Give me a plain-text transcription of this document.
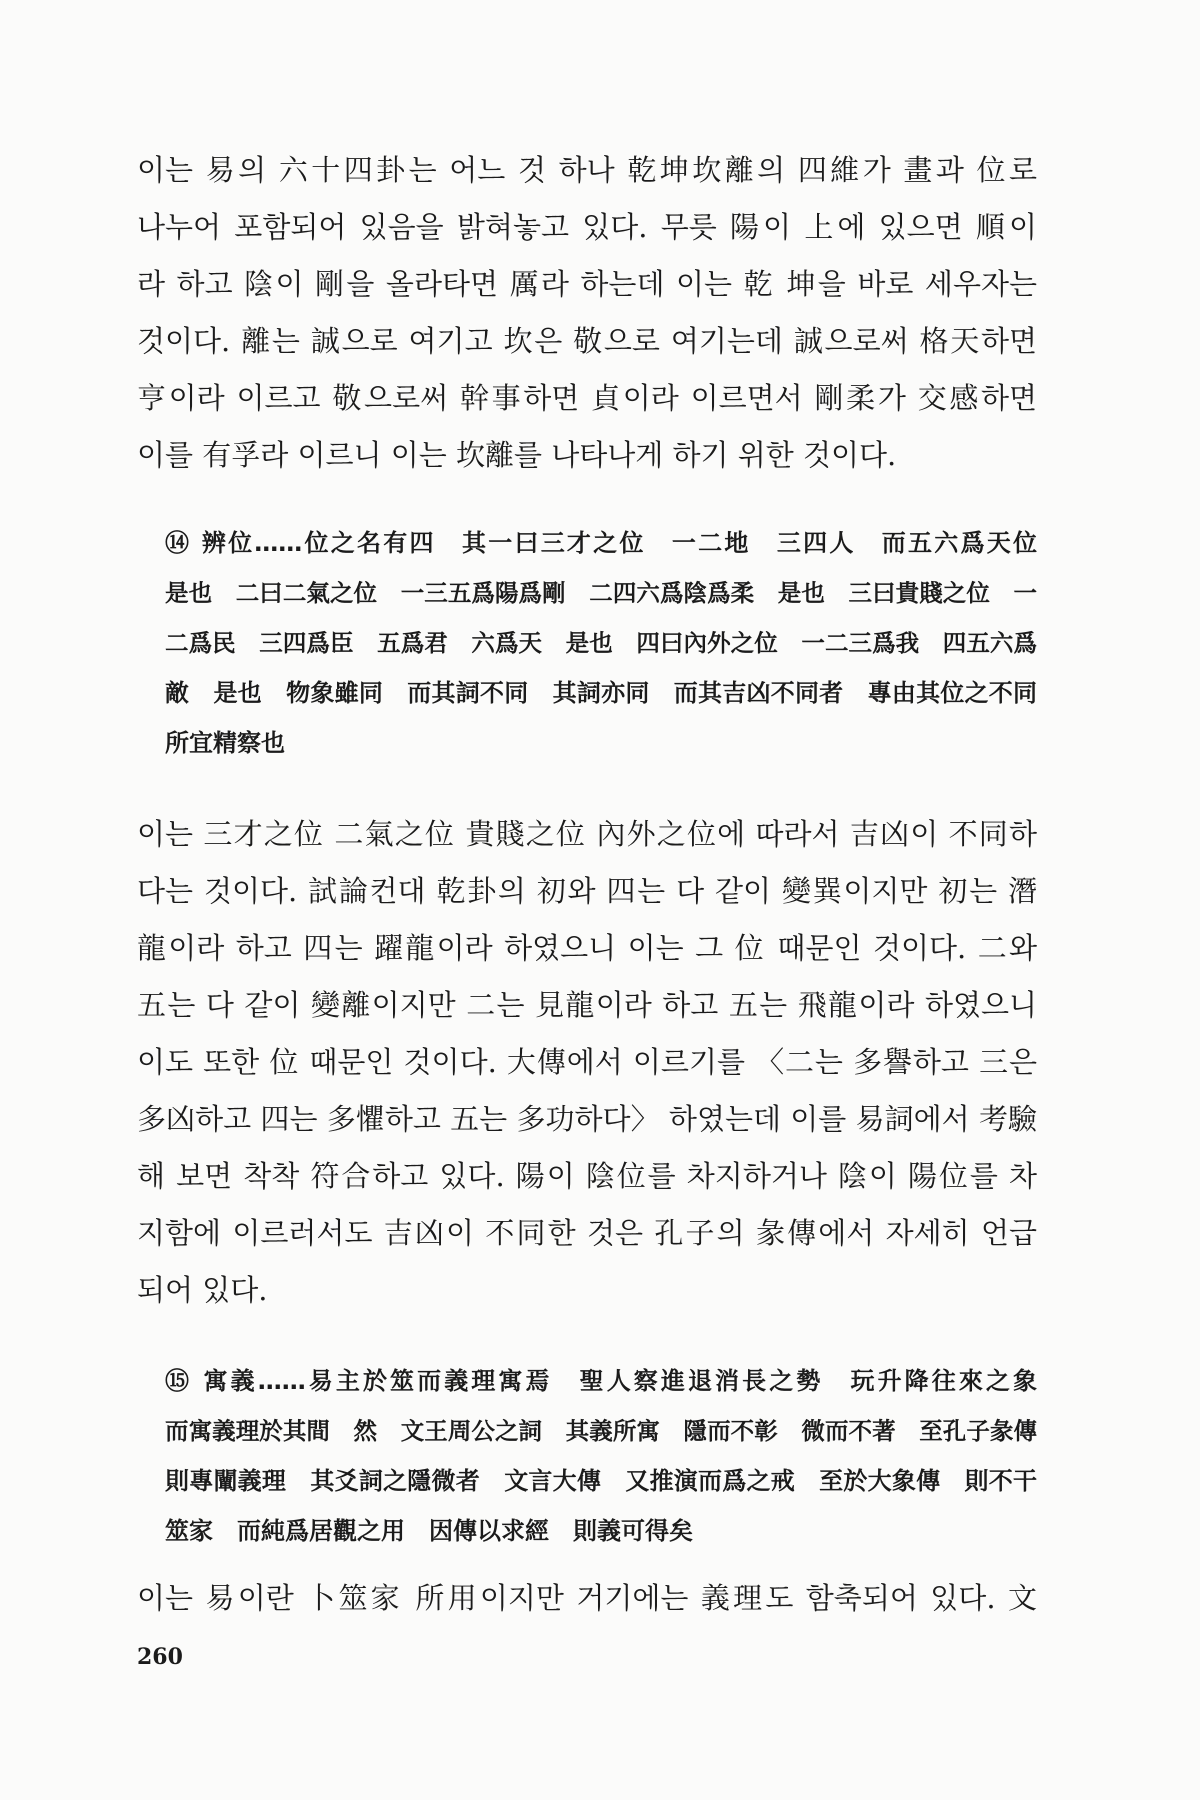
이는 易의 六十四卦는 어느 것 하나 乾坤坎離의 四維가 畫과 位로
나누어 포함되어 있음을 밝혀놓고 있다. 무릇 陽이 上에 있으면 順이
라 하고 陰이 剛을 올라타면 厲라 하는데 이는 乾 坤을 바로 세우자는
것이다. 離는 誠으로 여기고 坎은 敬으로 여기는데 誠으로써 格天하면
亨이라 이르고 敬으로써 幹事하면 貞이라 이르면서 剛柔가 交感하면
이를 有孚라 이르니 이는 坎離를 나타나게 하기 위한 것이다.
⑭ 辨位……位之名有四　其一曰三才之位　一二地　三四人　而五六爲天位
是也　二曰二氣之位　一三五爲陽爲剛　二四六爲陰爲柔　是也　三曰貴賤之位　一
二爲民　三四爲臣　五爲君　六爲天　是也　四曰內外之位　一二三爲我　四五六爲
敵　是也　物象雖同　而其詞不同　其詞亦同　而其吉凶不同者　專由其位之不同
所宜精察也
이는 三才之位 二氣之位 貴賤之位 內外之位에 따라서 吉凶이 不同하
다는 것이다. 試論컨대 乾卦의 初와 四는 다 같이 變巽이지만 初는 潛
龍이라 하고 四는 躍龍이라 하였으니 이는 그 位 때문인 것이다. 二와
五는 다 같이 變離이지만 二는 見龍이라 하고 五는 飛龍이라 하였으니
이도 또한 位 때문인 것이다. 大傳에서 이르기를 〈二는 多譽하고 三은
多凶하고 四는 多懼하고 五는 多功하다〉 하였는데 이를 易詞에서 考驗
해 보면 착착 符合하고 있다. 陽이 陰位를 차지하거나 陰이 陽位를 차
지함에 이르러서도 吉凶이 不同한 것은 孔子의 彖傳에서 자세히 언급
되어 있다.
⑮ 寓義……易主於筮而義理寓焉　聖人察進退消長之勢　玩升降往來之象
而寓義理於其間　然　文王周公之詞　其義所寓　隱而不彰　微而不著　至孔子彖傳
則專闡義理　其爻詞之隱微者　文言大傳　又推演而爲之戒　至於大象傳　則不干
筮家　而純爲居觀之用　因傳以求經　則義可得矣
이는 易이란 卜筮家 所用이지만 거기에는 義理도 함축되어 있다. 文
260
